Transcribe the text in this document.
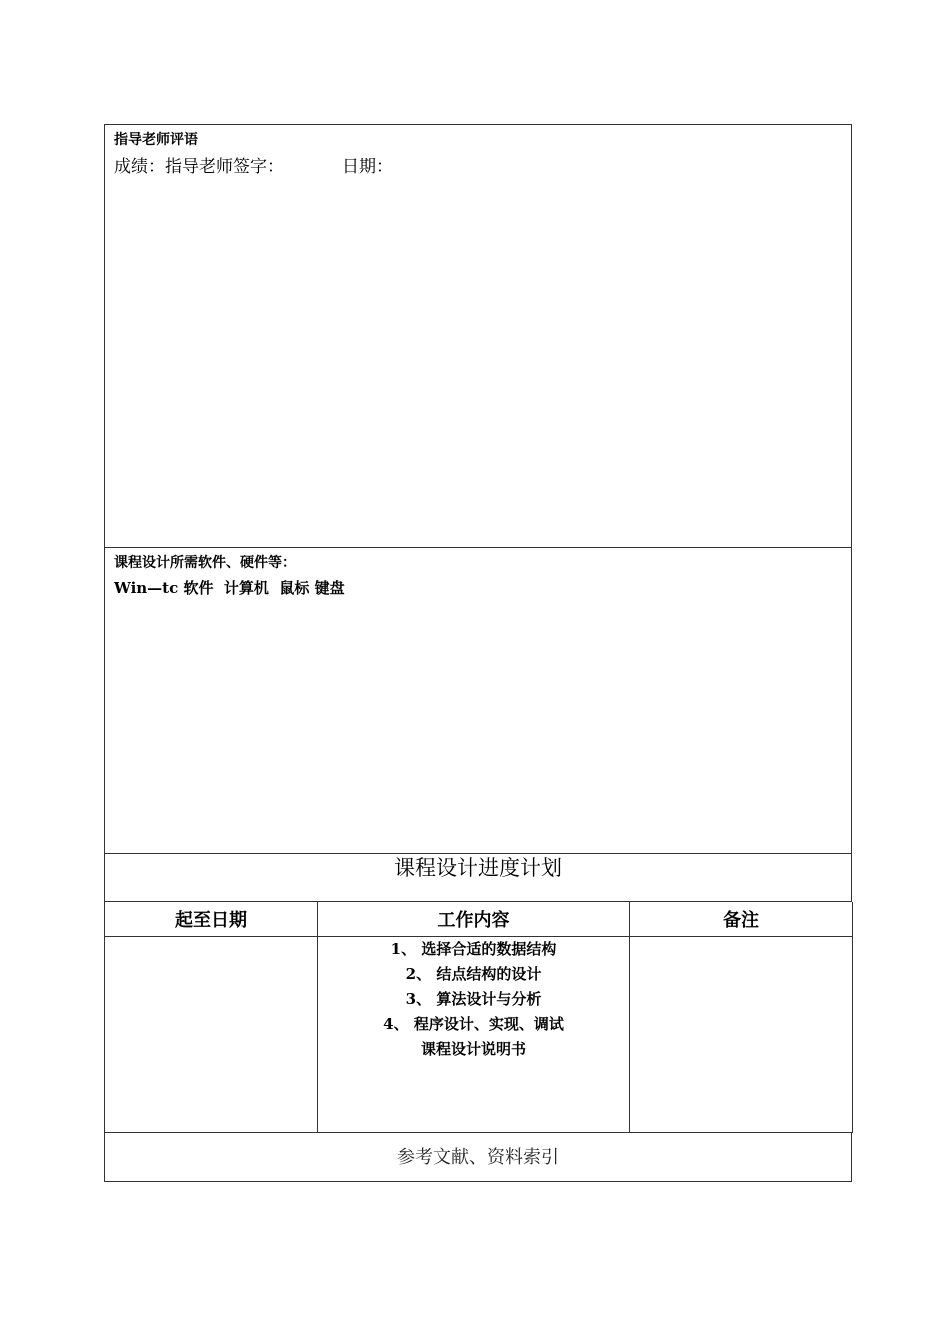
指导老师评语
成绩：指导老师签字：	日期：
课程设计所需软件、硬件等：
Win—tc 软件  计算机  鼠标 键盘
课程设计进度计划
起至日期	工作内容	备注

	1、 选择合适的数据结构
2、 结点结构的设计
3、 算法设计与分析
4、 程序设计、实现、调试
课程设计说明书	

参考文献、资料索引
